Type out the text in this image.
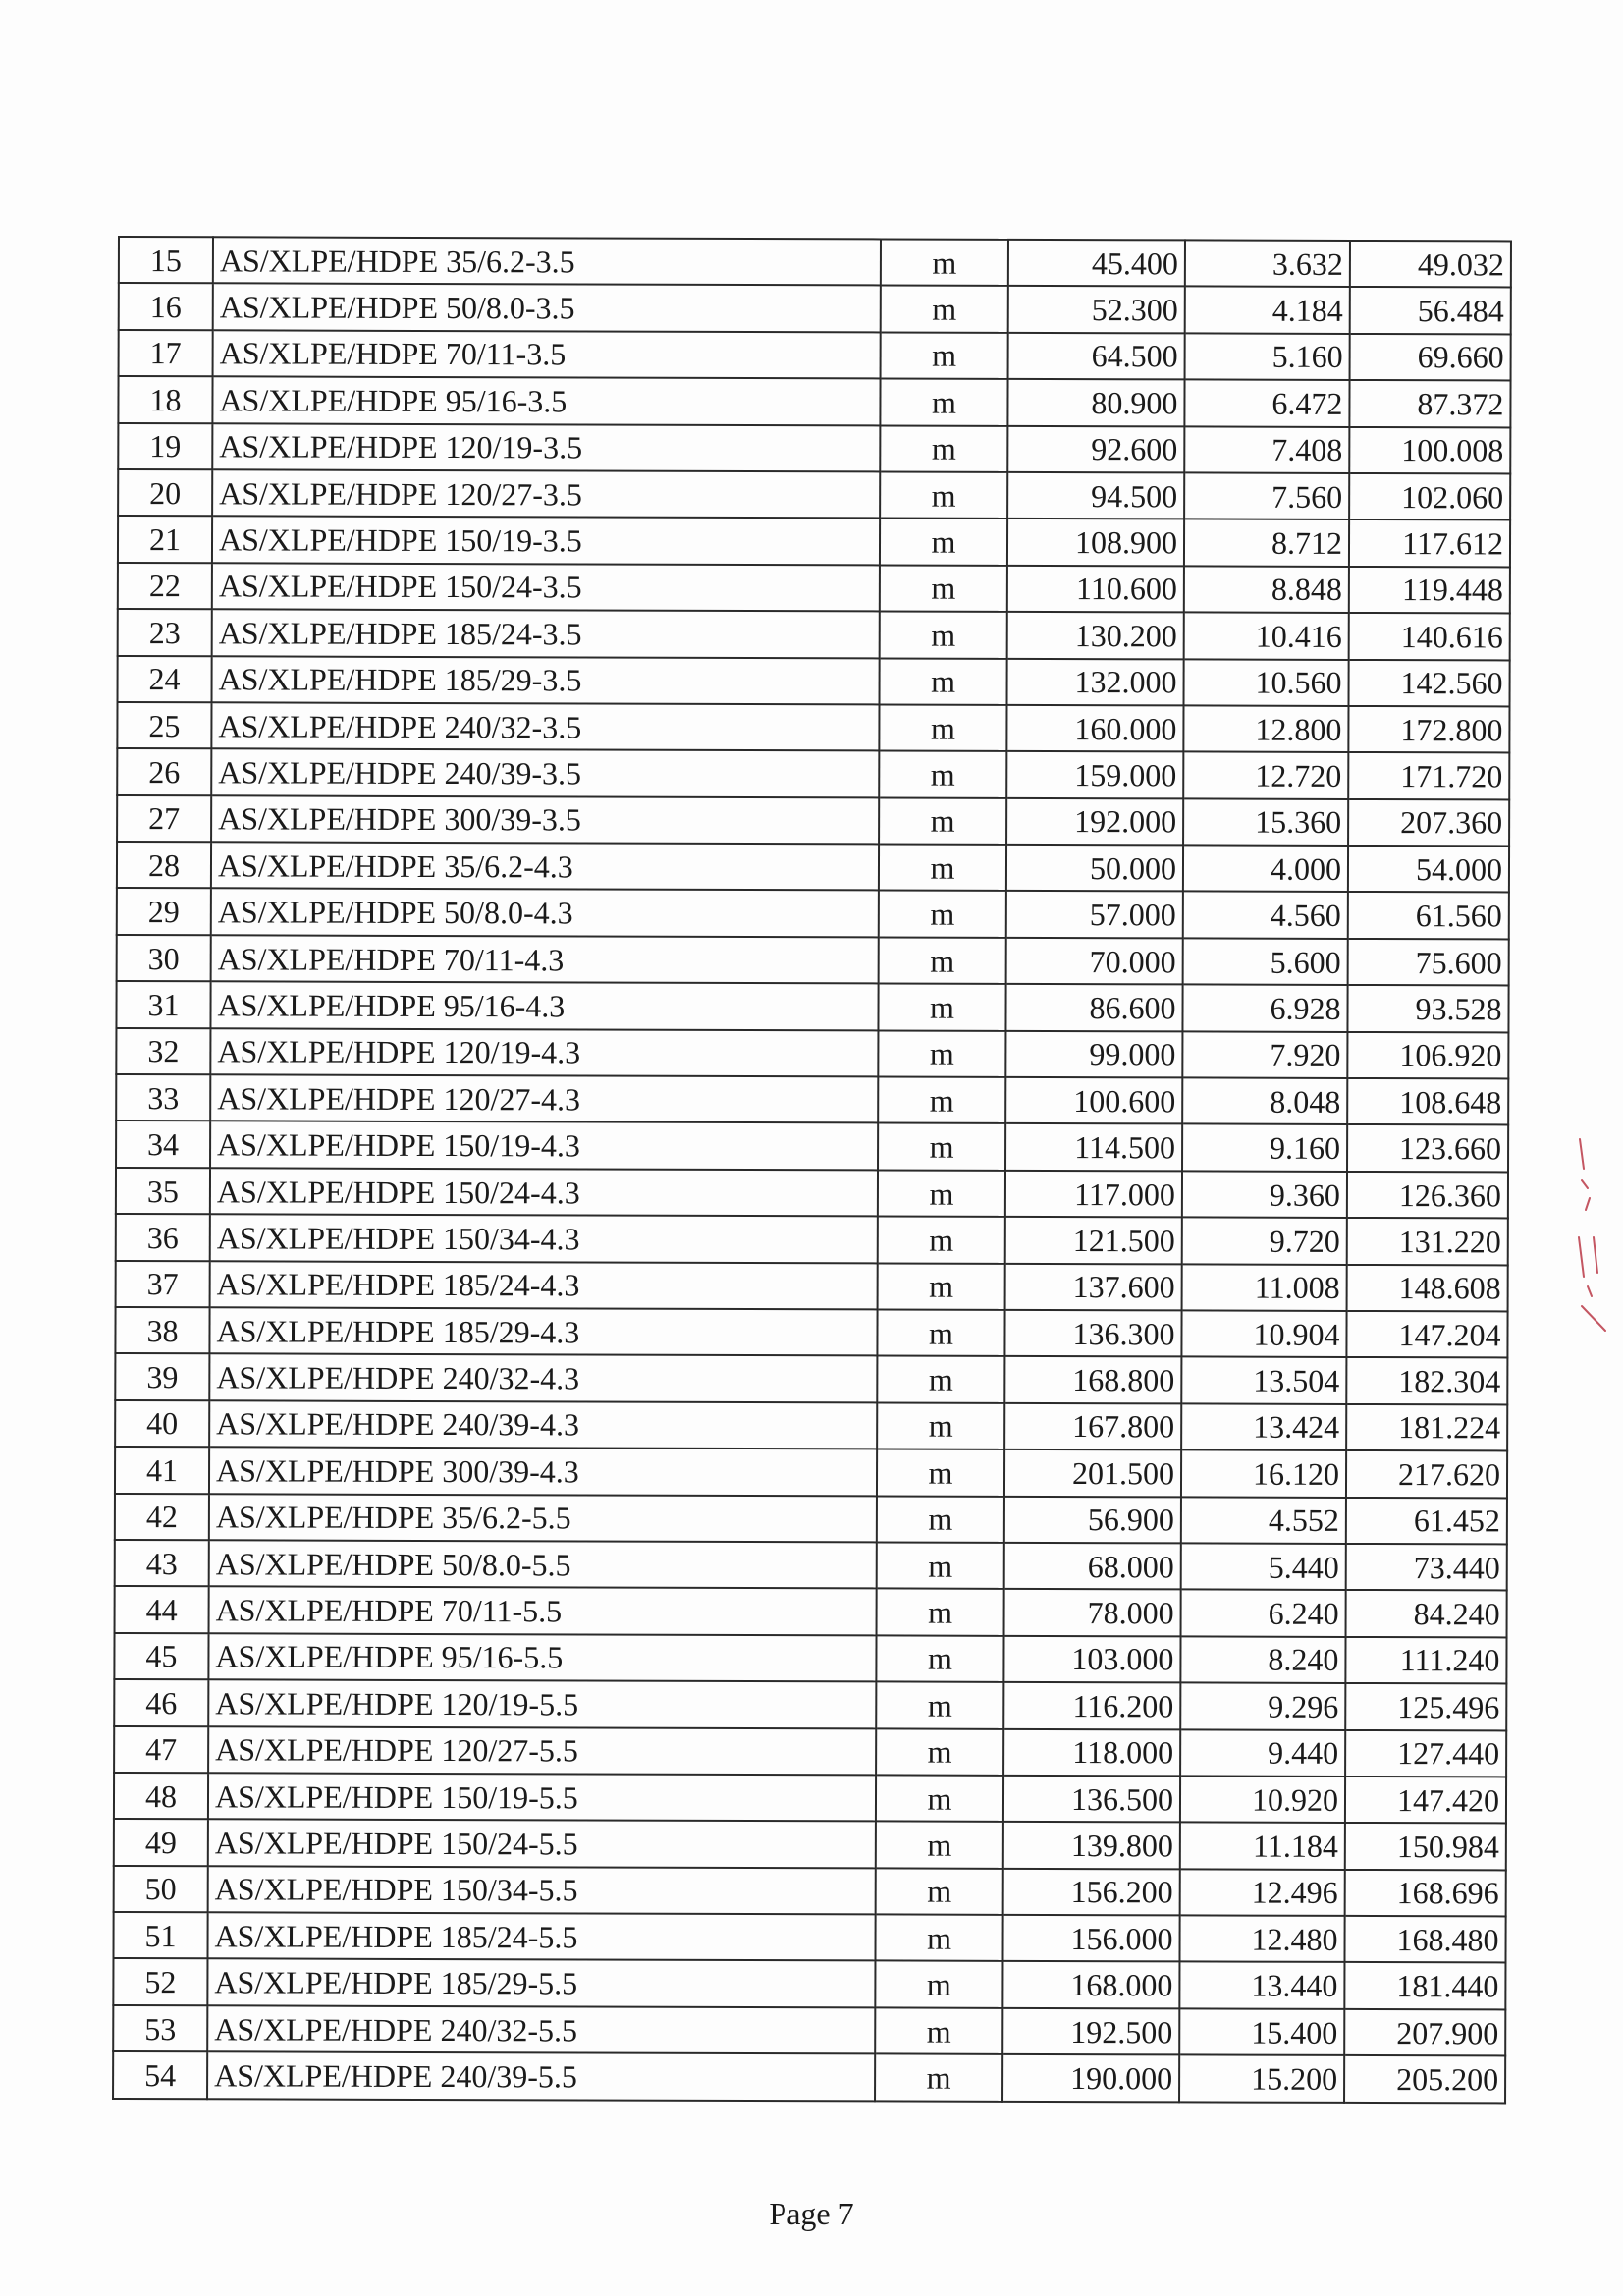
15	AS/XLPE/HDPE 35/6.2-3.5	m	45.400	3.632	49.032
16	AS/XLPE/HDPE 50/8.0-3.5	m	52.300	4.184	56.484
17	AS/XLPE/HDPE 70/11-3.5	m	64.500	5.160	69.660
18	AS/XLPE/HDPE 95/16-3.5	m	80.900	6.472	87.372
19	AS/XLPE/HDPE 120/19-3.5	m	92.600	7.408	100.008
20	AS/XLPE/HDPE 120/27-3.5	m	94.500	7.560	102.060
21	AS/XLPE/HDPE 150/19-3.5	m	108.900	8.712	117.612
22	AS/XLPE/HDPE 150/24-3.5	m	110.600	8.848	119.448
23	AS/XLPE/HDPE 185/24-3.5	m	130.200	10.416	140.616
24	AS/XLPE/HDPE 185/29-3.5	m	132.000	10.560	142.560
25	AS/XLPE/HDPE 240/32-3.5	m	160.000	12.800	172.800
26	AS/XLPE/HDPE 240/39-3.5	m	159.000	12.720	171.720
27	AS/XLPE/HDPE 300/39-3.5	m	192.000	15.360	207.360
28	AS/XLPE/HDPE 35/6.2-4.3	m	50.000	4.000	54.000
29	AS/XLPE/HDPE 50/8.0-4.3	m	57.000	4.560	61.560
30	AS/XLPE/HDPE 70/11-4.3	m	70.000	5.600	75.600
31	AS/XLPE/HDPE 95/16-4.3	m	86.600	6.928	93.528
32	AS/XLPE/HDPE 120/19-4.3	m	99.000	7.920	106.920
33	AS/XLPE/HDPE 120/27-4.3	m	100.600	8.048	108.648
34	AS/XLPE/HDPE 150/19-4.3	m	114.500	9.160	123.660
35	AS/XLPE/HDPE 150/24-4.3	m	117.000	9.360	126.360
36	AS/XLPE/HDPE 150/34-4.3	m	121.500	9.720	131.220
37	AS/XLPE/HDPE 185/24-4.3	m	137.600	11.008	148.608
38	AS/XLPE/HDPE 185/29-4.3	m	136.300	10.904	147.204
39	AS/XLPE/HDPE 240/32-4.3	m	168.800	13.504	182.304
40	AS/XLPE/HDPE 240/39-4.3	m	167.800	13.424	181.224
41	AS/XLPE/HDPE 300/39-4.3	m	201.500	16.120	217.620
42	AS/XLPE/HDPE 35/6.2-5.5	m	56.900	4.552	61.452
43	AS/XLPE/HDPE 50/8.0-5.5	m	68.000	5.440	73.440
44	AS/XLPE/HDPE 70/11-5.5	m	78.000	6.240	84.240
45	AS/XLPE/HDPE 95/16-5.5	m	103.000	8.240	111.240
46	AS/XLPE/HDPE 120/19-5.5	m	116.200	9.296	125.496
47	AS/XLPE/HDPE 120/27-5.5	m	118.000	9.440	127.440
48	AS/XLPE/HDPE 150/19-5.5	m	136.500	10.920	147.420
49	AS/XLPE/HDPE 150/24-5.5	m	139.800	11.184	150.984
50	AS/XLPE/HDPE 150/34-5.5	m	156.200	12.496	168.696
51	AS/XLPE/HDPE 185/24-5.5	m	156.000	12.480	168.480
52	AS/XLPE/HDPE 185/29-5.5	m	168.000	13.440	181.440
53	AS/XLPE/HDPE 240/32-5.5	m	192.500	15.400	207.900
54	AS/XLPE/HDPE 240/39-5.5	m	190.000	15.200	205.200
Page 7
